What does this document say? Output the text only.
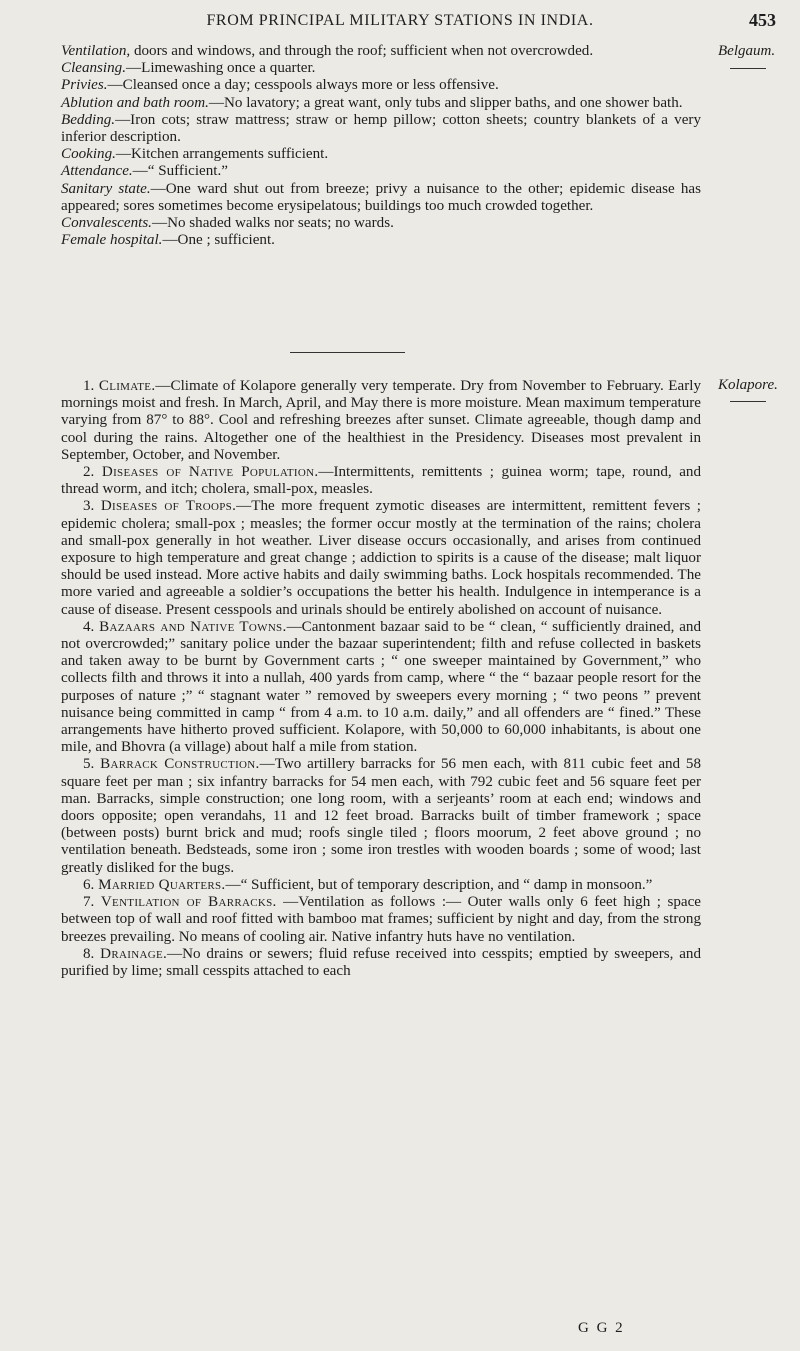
FROM PRINCIPAL MILITARY STATIONS IN INDIA.	453
Belgaum.

Ventilation, doors and windows, and through the roof; sufficient when not overcrowded.

Cleansing.—Limewashing once a quarter.

Privies.—Cleansed once a day; cesspools always more or less offensive.

Ablution and bath room.—No lavatory; a great want, only tubs and slipper baths, and one shower bath.

Bedding.—Iron cots; straw mattress; straw or hemp pillow; cotton sheets; country blankets of a very inferior description.

Cooking.—Kitchen arrangements sufficient.

Attendance.—“ Sufficient.”

Sanitary state.—One ward shut out from breeze; privy a nuisance to the other; epidemic disease has appeared; sores sometimes become erysipelatous; buildings too much crowded together.

Convalescents.—No shaded walks nor seats; no wards.

Female hospital.—One ; sufficient.

Kolapore.

1. Climate.—Climate of Kolapore generally very temperate. Dry from November to February. Early mornings moist and fresh. In March, April, and May there is more moisture. Mean maximum temperature varying from 87° to 88°. Cool and refreshing breezes after sunset. Climate agreeable, though damp and cool during the rains. Altogether one of the healthiest in the Presidency. Diseases most prevalent in September, October, and November.

2. Diseases of Native Population.—Intermittents, remittents ; guinea worm; tape, round, and thread worm, and itch; cholera, small-pox, measles.

3. Diseases of Troops.—The more frequent zymotic diseases are intermittent, remittent fevers ; epidemic cholera; small-pox ; measles; the former occur mostly at the termination of the rains; cholera and small-pox generally in hot weather. Liver disease occurs occasionally, and arises from continued exposure to high temperature and great change ; addiction to spirits is a cause of the disease; malt liquor should be used instead. More active habits and daily swimming baths. Lock hospitals recommended. The more varied and agreeable a soldier’s occupations the better his health. Indulgence in intemperance is a cause of disease. Present cesspools and urinals should be entirely abolished on account of nuisance.

4. Bazaars and Native Towns.—Cantonment bazaar said to be “ clean, “ sufficiently drained, and not overcrowded;” sanitary police under the bazaar superintendent; filth and refuse collected in baskets and taken away to be burnt by Government carts ; “ one sweeper maintained by Government,” who collects filth and throws it into a nullah, 400 yards from camp, where “ the “ bazaar people resort for the purposes of nature ;” “ stagnant water ” removed by sweepers every morning ; “ two peons ” prevent nuisance being committed in camp “ from 4 a.m. to 10 a.m. daily,” and all offenders are “ fined.” These arrangements have hitherto proved sufficient. Kolapore, with 50,000 to 60,000 inhabitants, is about one mile, and Bhovra (a village) about half a mile from station.

5. Barrack Construction.—Two artillery barracks for 56 men each, with 811 cubic feet and 58 square feet per man ; six infantry barracks for 54 men each, with 792 cubic feet and 56 square feet per man. Barracks, simple construction; one long room, with a serjeants’ room at each end; windows and doors opposite; open verandahs, 11 and 12 feet broad. Barracks built of timber framework ; space (between posts) burnt brick and mud; roofs single tiled ; floors moorum, 2 feet above ground ; no ventilation beneath. Bedsteads, some iron ; some iron trestles with wooden boards ; some of wood; last greatly disliked for the bugs.

6. Married Quarters.—“ Sufficient, but of temporary description, and “ damp in monsoon.”

7. Ventilation of Barracks. —Ventilation as follows :— Outer walls only 6 feet high ; space between top of wall and roof fitted with bamboo mat frames; sufficient by night and day, from the strong breezes prevailing. No means of cooling air. Native infantry huts have no ventilation.

8. Drainage.—No drains or sewers; fluid refuse received into cesspits; emptied by sweepers, and purified by lime; small cesspits attached to each

G G 2
